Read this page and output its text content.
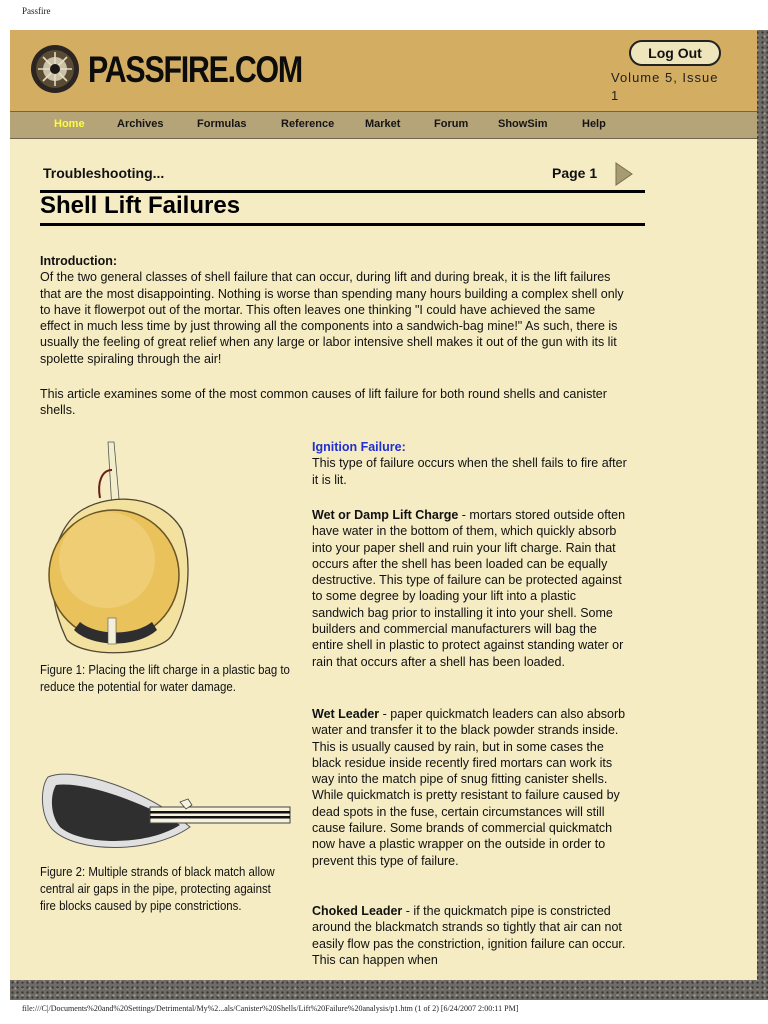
Passfire
PASSFIRE.COM	Log Out
Volume 5, Issue
1
Home	Archives	Formulas	Reference	Market	Forum	ShowSim	Help
Troubleshooting...	Page 1
Shell Lift Failures
Introduction:
Of the two general classes of shell failure that can occur, during lift and during break, it is the lift failures that are the most disappointing. Nothing is worse than spending many hours building a complex shell only to have it flowerpot out of the mortar. This often leaves one thinking "I could have achieved the same effect in much less time by just throwing all the components into a sandwich-bag mine!" As such, there is usually the feeling of great relief when any large or labor intensive shell makes it out of the gun with its lit spolette spiraling through the air!
This article examines some of the most common causes of lift failure for both round shells and canister shells.
Figure 1: Placing the lift charge in a plastic bag to reduce the potential for water damage.
Figure 2: Multiple strands of black match allow central air gaps in the pipe, protecting against fire blocks caused by pipe constrictions.
Ignition Failure:
This type of failure occurs when the shell fails to fire after it is lit.
Wet or Damp Lift Charge - mortars stored outside often have water in the bottom of them, which quickly absorb into your paper shell and ruin your lift charge. Rain that occurs after the shell has been loaded can be equally destructive. This type of failure can be protected against to some degree by loading your lift into a plastic sandwich bag prior to installing it into your shell. Some builders and commercial manufacturers will bag the entire shell in plastic to protect against standing water or rain that occurs after a shell has been loaded.
Wet Leader - paper quickmatch leaders can also absorb water and transfer it to the black powder strands inside. This is usually caused by rain, but in some cases the black residue inside recently fired mortars can work its way into the match pipe of snug fitting canister shells. While quickmatch is pretty resistant to failure caused by dead spots in the fuse, certain circumstances will still cause failure. Some brands of commercial quickmatch now have a plastic wrapper on the outside in order to prevent this type of failure.
Choked Leader - if the quickmatch pipe is constricted around the blackmatch strands so tightly that air can not easily flow pas the constriction, ignition failure can occur. This can happen when
file:///C|/Documents%20and%20Settings/Detrimental/My%2...als/Canister%20Shells/Lift%20Failure%20analysis/p1.htm (1 of 2) [6/24/2007 2:00:11 PM]
